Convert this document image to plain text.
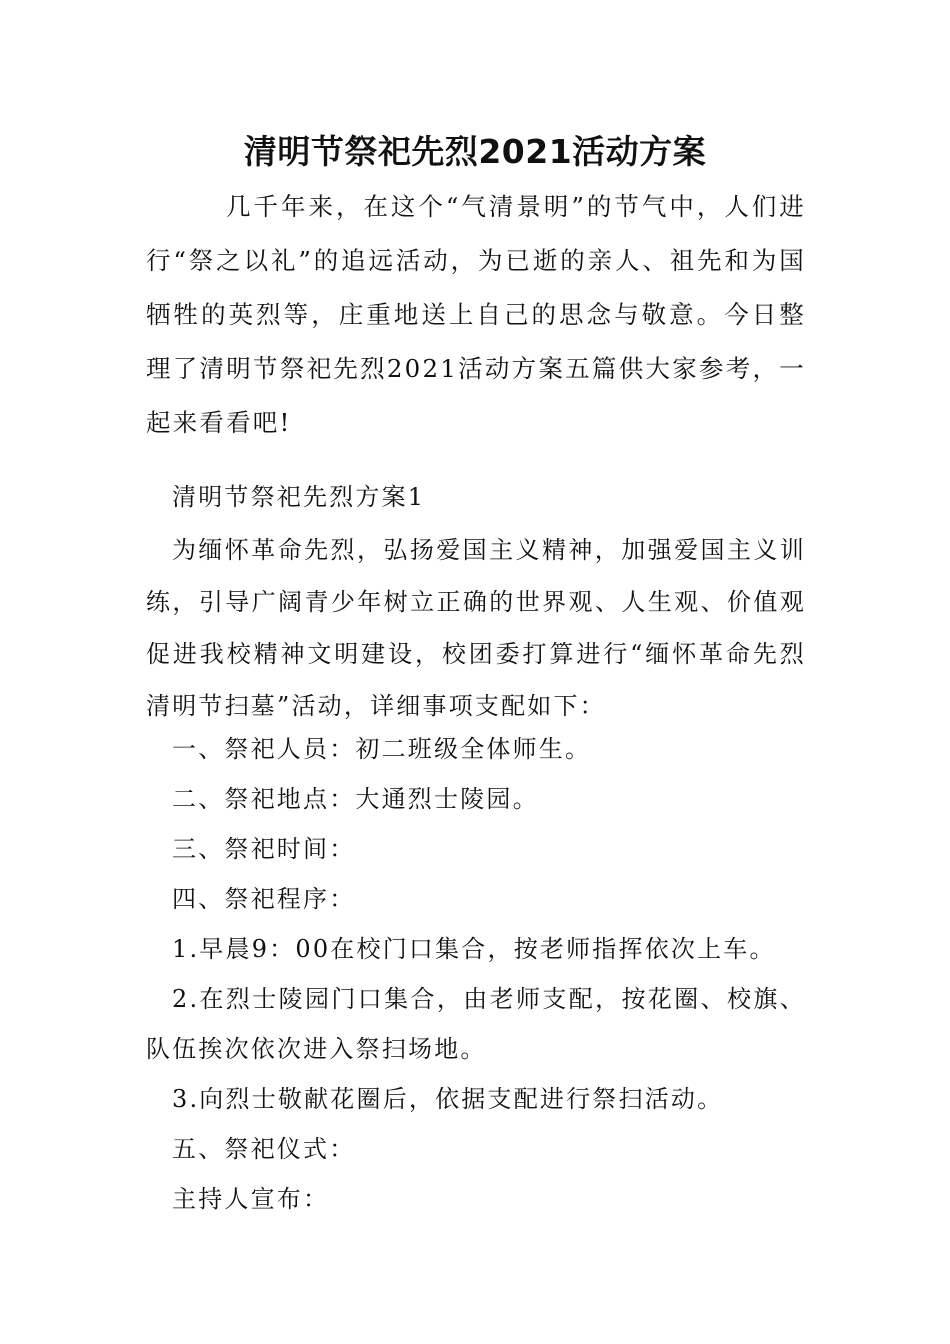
清明节祭祀先烈2021活动方案

几千年来，在这个“气清景明”的节气中，人们进行“祭之以礼”的追远活动，为已逝的亲人、祖先和为国牺牲的英烈等，庄重地送上自己的思念与敬意。今日整理了清明节祭祀先烈2021活动方案五篇供大家参考，一起来看看吧!

清明节祭祀先烈方案1

为缅怀革命先烈，弘扬爱国主义精神，加强爱国主义训练，引导广阔青少年树立正确的世界观、人生观、价值观促进我校精神文明建设，校团委打算进行“缅怀革命先烈清明节扫墓”活动，详细事项支配如下：

一、祭祀人员：初二班级全体师生。

二、祭祀地点：大通烈士陵园。

三、祭祀时间：

四、祭祀程序：

1.早晨9：00在校门口集合，按老师指挥依次上车。

2.在烈士陵园门口集合，由老师支配，按花圈、校旗、队伍挨次依次进入祭扫场地。

3.向烈士敬献花圈后，依据支配进行祭扫活动。

五、祭祀仪式：

主持人宣布：
